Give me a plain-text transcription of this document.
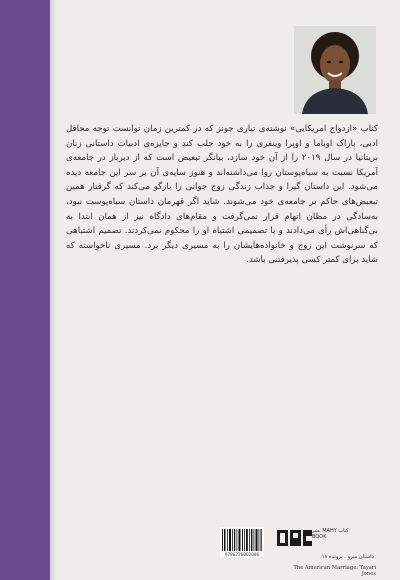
کتاب «ازدواج امریکایی» نوشته‌ی تیاری جونز که در کمترین زمان توانست توجه محافل ادبی، باراک اوباما و اوپرا وینفری را به خود جلب کند و جایزه‌ی ادبیات داستانی زنان بریتانیا در سال ۲۰۱۹ را از آن خود سازد، بیانگر تبعیض است که از دیرباز در جامعه‌ی آمریکا نسبت به سیاه‌پوستان روا می‌داشته‌اند و هنوز سایه‌ی آن بر سر این جامعه دیده می‌شود. این داستان گیرا و جذاب زندگی زوج جوانی را بازگو می‌کند که گرفتار همین تبعیض‌های حاکم بر جامعه‌ی خود می‌شوند. شاید اگر قهرمان داستان سیاه‌پوست نبود، به‌سادگی در مظان اتهام قرار نمی‌گرفت و مقام‌های دادگاه نیز از همان ابتدا به بی‌گناهی‌اش رأی می‌دادند و با تصمیمی اشتباه او را محکوم نمی‌کردند. تصمیم اشتباهی که سرنوشت این زوج و خانواده‌هایشان را به مسیری دیگر برد. مسیری ناخواسته که شاید برای کمتر کسی پذیرفتنی باشد.

9786226002006
نشر MAHY کتاب BOOK
داستان میرو . پرونده ۱۸
The American Marriage: Tayari Jones
